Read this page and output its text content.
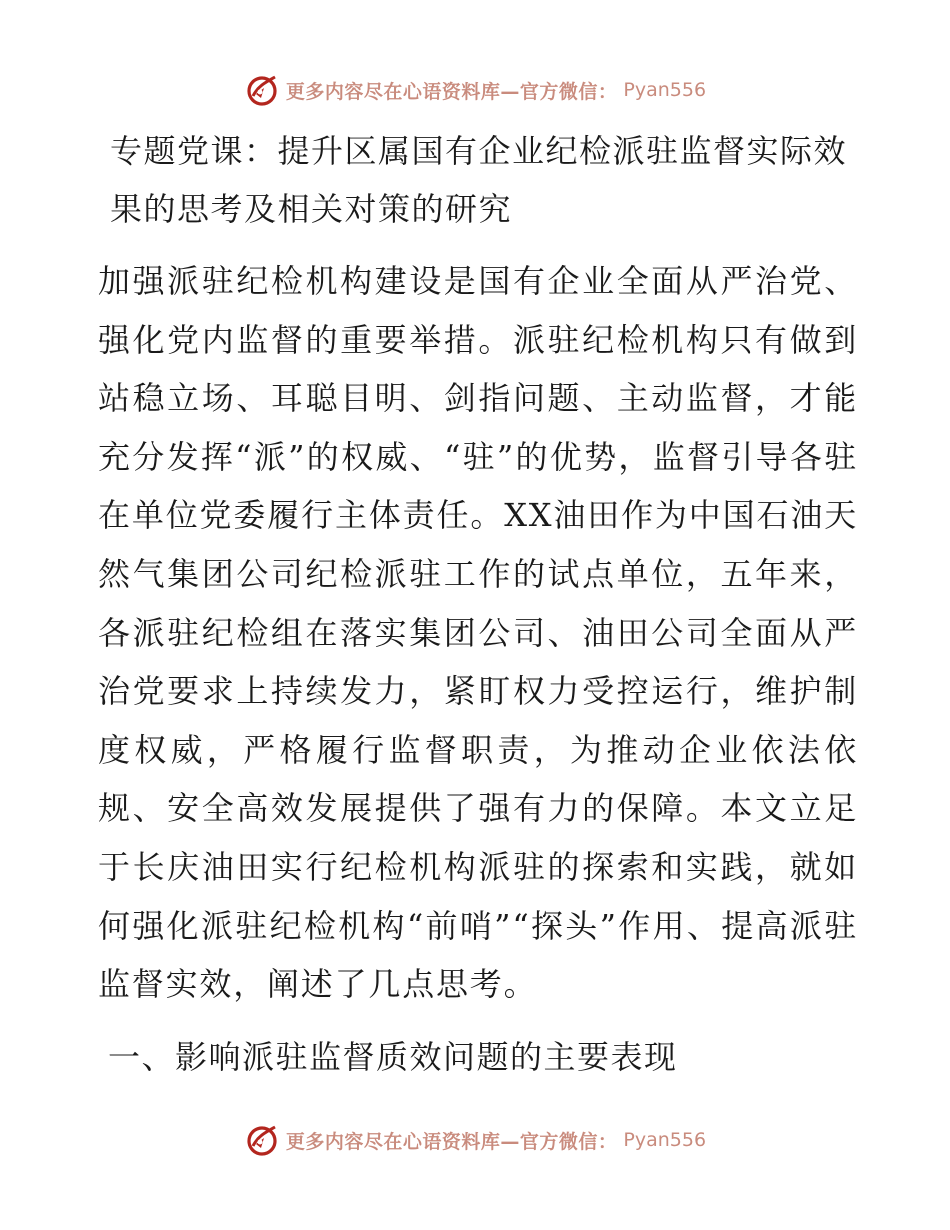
更多内容尽在心语资料库—官方微信： Pyan556
专题党课：提升区属国有企业纪检派驻监督实际效果的思考及相关对策的研究

加强派驻纪检机构建设是国有企业全面从严治党、强化党内监督的重要举措。派驻纪检机构只有做到站稳立场、耳聪目明、剑指问题、主动监督，才能充分发挥“派”的权威、“驻”的优势，监督引导各驻在单位党委履行主体责任。XX油田作为中国石油天然气集团公司纪检派驻工作的试点单位，五年来，各派驻纪检组在落实集团公司、油田公司全面从严治党要求上持续发力，紧盯权力受控运行，维护制度权威，严格履行监督职责，为推动企业依法依规、安全高效发展提供了强有力的保障。本文立足于长庆油田实行纪检机构派驻的探索和实践，就如何强化派驻纪检机构“前哨”“探头”作用、提高派驻监督实效，阐述了几点思考。

一、影响派驻监督质效问题的主要表现
更多内容尽在心语资料库—官方微信： Pyan556
